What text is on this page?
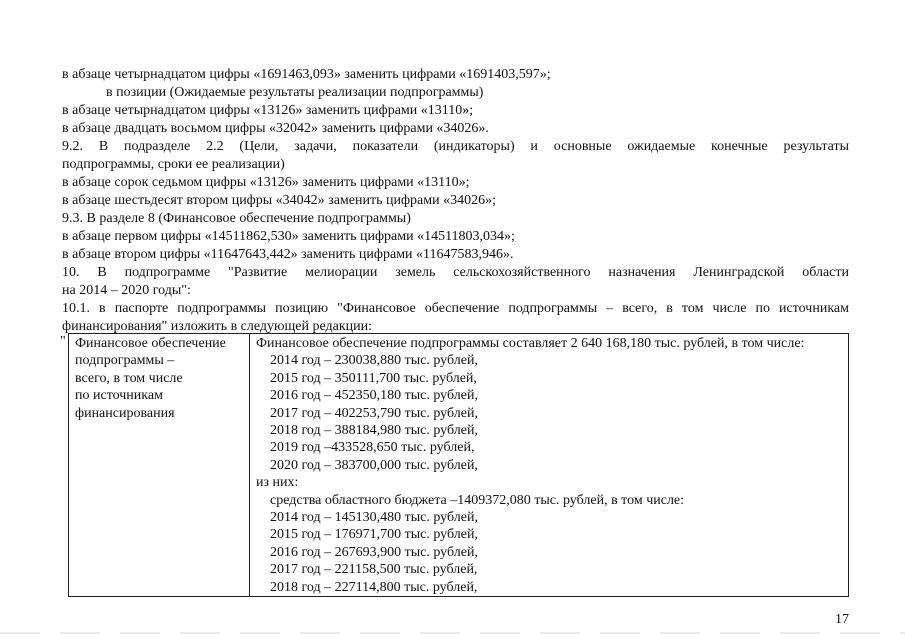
в абзаце четырнадцатом цифры «1691463,093» заменить цифрами «1691403,597»;
в позиции (Ожидаемые результаты реализации подпрограммы)
в абзаце четырнадцатом цифры «13126» заменить цифрами «13110»;
в абзаце двадцать восьмом цифры «32042» заменить цифрами «34026».
9.2. В подразделе 2.2 (Цели, задачи, показатели (индикаторы) и основные ожидаемые конечные результаты
подпрограммы, сроки ее реализации)
в абзаце сорок седьмом цифры «13126» заменить цифрами «13110»;
в абзаце шестьдесят втором цифры «34042» заменить цифрами «34026»;
9.3. В разделе 8 (Финансовое обеспечение подпрограммы)
в абзаце первом цифры «14511862,530» заменить цифрами «14511803,034»;
в абзаце втором цифры «11647643,442» заменить цифрами «11647583,946».
10. В подпрограмме "Развитие мелиорации земель сельскохозяйственного назначения Ленинградской области
на 2014 – 2020 годы":
10.1. в паспорте подпрограммы позицию "Финансовое обеспечение подпрограммы – всего, в том числе по источникам
финансирования" изложить в следующей редакции:
" Финансовое обеспечение
подпрограммы –
всего, в том числе
по источникам
финансирования

Финансовое обеспечение подпрограммы составляет 2 640 168,180 тыс. рублей, в том числе:
2014 год – 230038,880 тыс. рублей,
2015 год – 350111,700 тыс. рублей,
2016 год – 452350,180 тыс. рублей,
2017 год – 402253,790 тыс. рублей,
2018 год – 388184,980 тыс. рублей,
2019 год –433528,650 тыс. рублей,
2020 год – 383700,000 тыс. рублей,
из них:
средства областного бюджета –1409372,080 тыс. рублей, в том числе:
2014 год – 145130,480 тыс. рублей,
2015 год – 176971,700 тыс. рублей,
2016 год – 267693,900 тыс. рублей,
2017 год – 221158,500 тыс. рублей,
2018 год – 227114,800 тыс. рублей,
17
